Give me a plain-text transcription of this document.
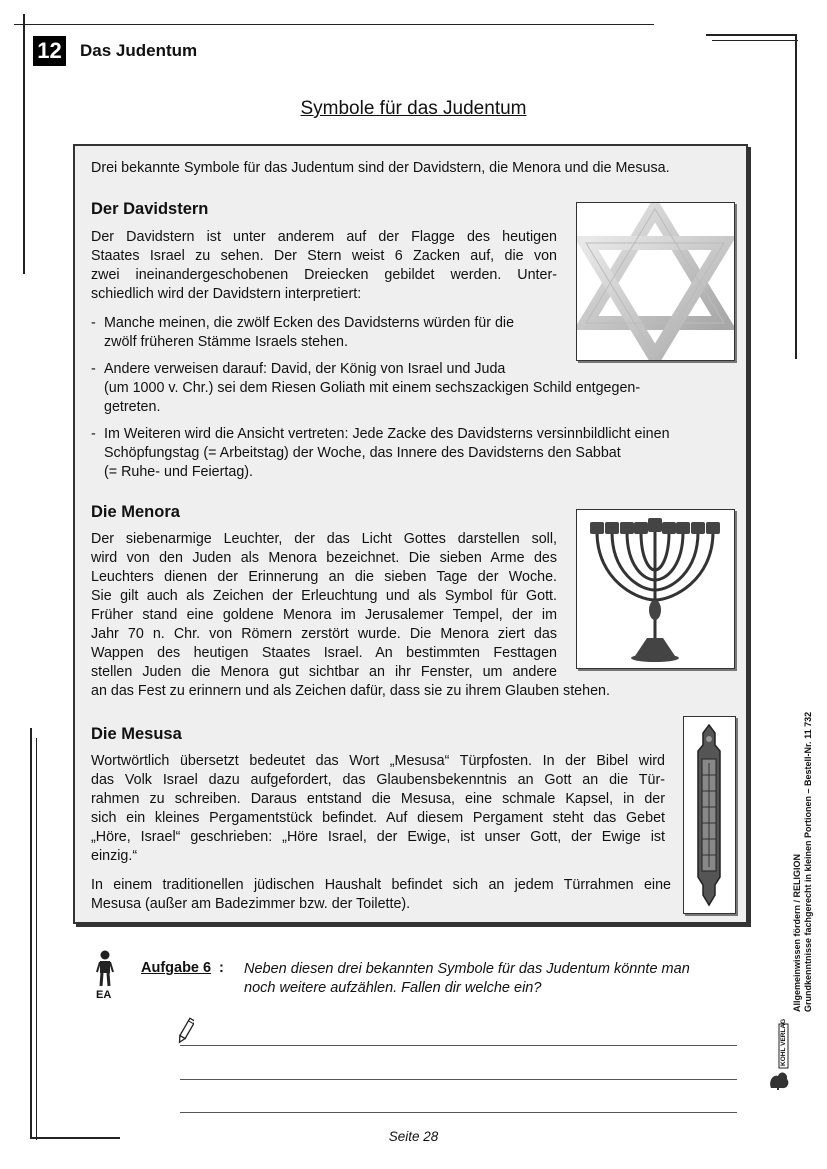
12 Das Judentum
Symbole für das Judentum
Drei bekannte Symbole für das Judentum sind der Davidstern, die Menora und die Mesusa.
Der Davidstern
Der Davidstern ist unter anderem auf der Flagge des heutigen
Staates Israel zu sehen. Der Stern weist 6 Zacken auf, die von
zwei ineinandergeschobenen Dreiecken gebildet werden. Unter-
schiedlich wird der Davidstern interpretiert:
- Manche meinen, die zwölf Ecken des Davidsterns würden für die
zwölf früheren Stämme Israels stehen.
- Andere verweisen darauf: David, der König von Israel und Juda
(um 1000 v. Chr.) sei dem Riesen Goliath mit einem sechszackigen Schild entgegen-
getreten.
- Im Weiteren wird die Ansicht vertreten: Jede Zacke des Davidsterns versinnbildlicht einen
Schöpfungstag (= Arbeitstag) der Woche, das Innere des Davidsterns den Sabbat
(= Ruhe- und Feiertag).
Die Menora
Der siebenarmige Leuchter, der das Licht Gottes darstellen soll,
wird von den Juden als Menora bezeichnet. Die sieben Arme des
Leuchters dienen der Erinnerung an die sieben Tage der Woche.
Sie gilt auch als Zeichen der Erleuchtung und als Symbol für Gott.
Früher stand eine goldene Menora im Jerusalemer Tempel, der im
Jahr 70 n. Chr. von Römern zerstört wurde. Die Menora ziert das
Wappen des heutigen Staates Israel. An bestimmten Festtagen
stellen Juden die Menora gut sichtbar an ihr Fenster, um andere
an das Fest zu erinnern und als Zeichen dafür, dass sie zu ihrem Glauben stehen.
Die Mesusa
Wortwörtlich übersetzt bedeutet das Wort „Mesusa“ Türpfosten. In der Bibel wird
das Volk Israel dazu aufgefordert, das Glaubensbekenntnis an Gott an die Tür-
rahmen zu schreiben. Daraus entstand die Mesusa, eine schmale Kapsel, in der
sich ein kleines Pergamentstück befindet. Auf diesem Pergament steht das Gebet
„Höre, Israel“ geschrieben: „Höre Israel, der Ewige, ist unser Gott, der Ewige ist
einzig.“
In einem traditionellen jüdischen Haushalt befindet sich an jedem Türrahmen eine
Mesusa (außer am Badezimmer bzw. der Toilette).
EA
Aufgabe 6 : Neben diesen drei bekannten Symbole für das Judentum könnte man noch weitere aufzählen. Fallen dir welche ein?	Allgemeinwissen fördern / RELIGION Grundkenntnisse fachgerecht in kleinen Portionen – Bestell-Nr. 11 732
KOHL VERLAG
Seite 28
